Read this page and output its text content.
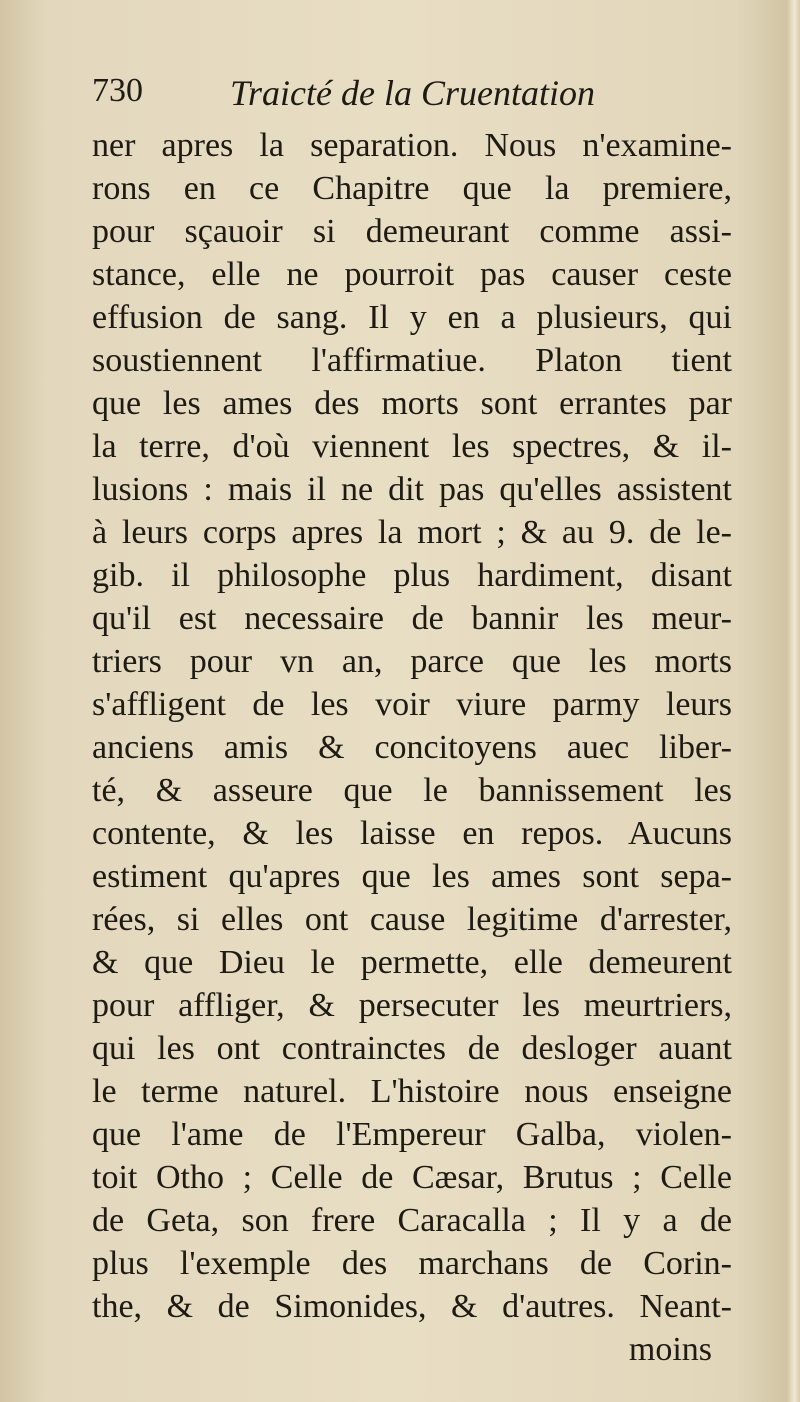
730 Traicté de la Cruentation
ner apres la separation. Nous n'examine-
rons en ce Chapitre que la premiere,
pour sçauoir si demeurant comme assi-
stance, elle ne pourroit pas causer ceste
effusion de sang. Il y en a plusieurs, qui
soustiennent l'affirmatiue. Platon tient
que les ames des morts sont errantes par
la terre, d'où viennent les spectres, & il-
lusions : mais il ne dit pas qu'elles assistent
à leurs corps apres la mort ; & au 9. de le-
gib. il philosophe plus hardiment, disant
qu'il est necessaire de bannir les meur-
triers pour vn an, parce que les morts
s'affligent de les voir viure parmy leurs
anciens amis & concitoyens auec liber-
té, & asseure que le bannissement les
contente, & les laisse en repos. Aucuns
estiment qu'apres que les ames sont sepa-
rées, si elles ont cause legitime d'arrester,
& que Dieu le permette, elle demeurent
pour affliger, & persecuter les meurtriers,
qui les ont contrainctes de desloger auant
le terme naturel. L'histoire nous enseigne
que l'ame de l'Empereur Galba, violen-
toit Otho ; Celle de Cæsar, Brutus ; Celle
de Geta, son frere Caracalla ; Il y a de
plus l'exemple des marchans de Corin-
the, & de Simonides, & d'autres. Neant-
moins
